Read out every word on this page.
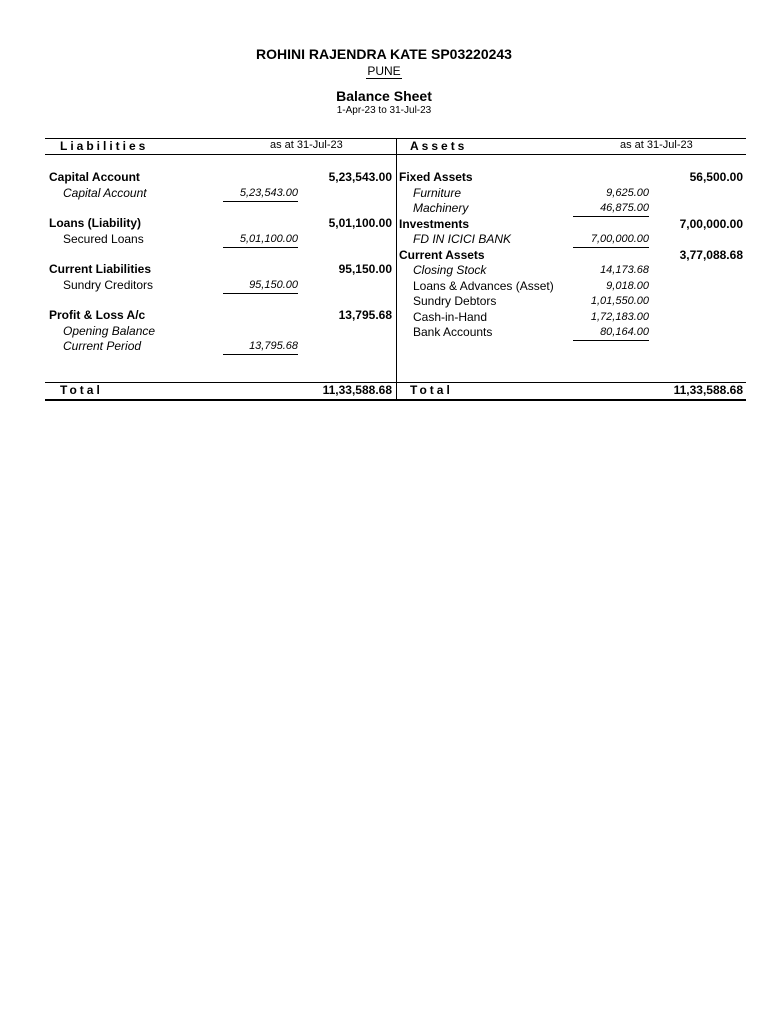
ROHINI RAJENDRA KATE SP03220243
PUNE
Balance Sheet
1-Apr-23 to 31-Jul-23
Liabilities	as at 31-Jul-23	Assets	as at 31-Jul-23
Capital Account	5,23,543.00
Capital Account	5,23,543.00
Loans (Liability)	5,01,100.00
Secured Loans	5,01,100.00
Current Liabilities	95,150.00
Sundry Creditors	95,150.00
Profit & Loss A/c	13,795.68
Opening Balance
Current Period	13,795.68
Fixed Assets	56,500.00
Furniture	9,625.00
Machinery	46,875.00
Investments	7,00,000.00
FD IN ICICI BANK	7,00,000.00
Current Assets	3,77,088.68
Closing Stock	14,173.68
Loans & Advances (Asset)	9,018.00
Sundry Debtors	1,01,550.00
Cash-in-Hand	1,72,183.00
Bank Accounts	80,164.00
Total	11,33,588.68 Total	11,33,588.68
